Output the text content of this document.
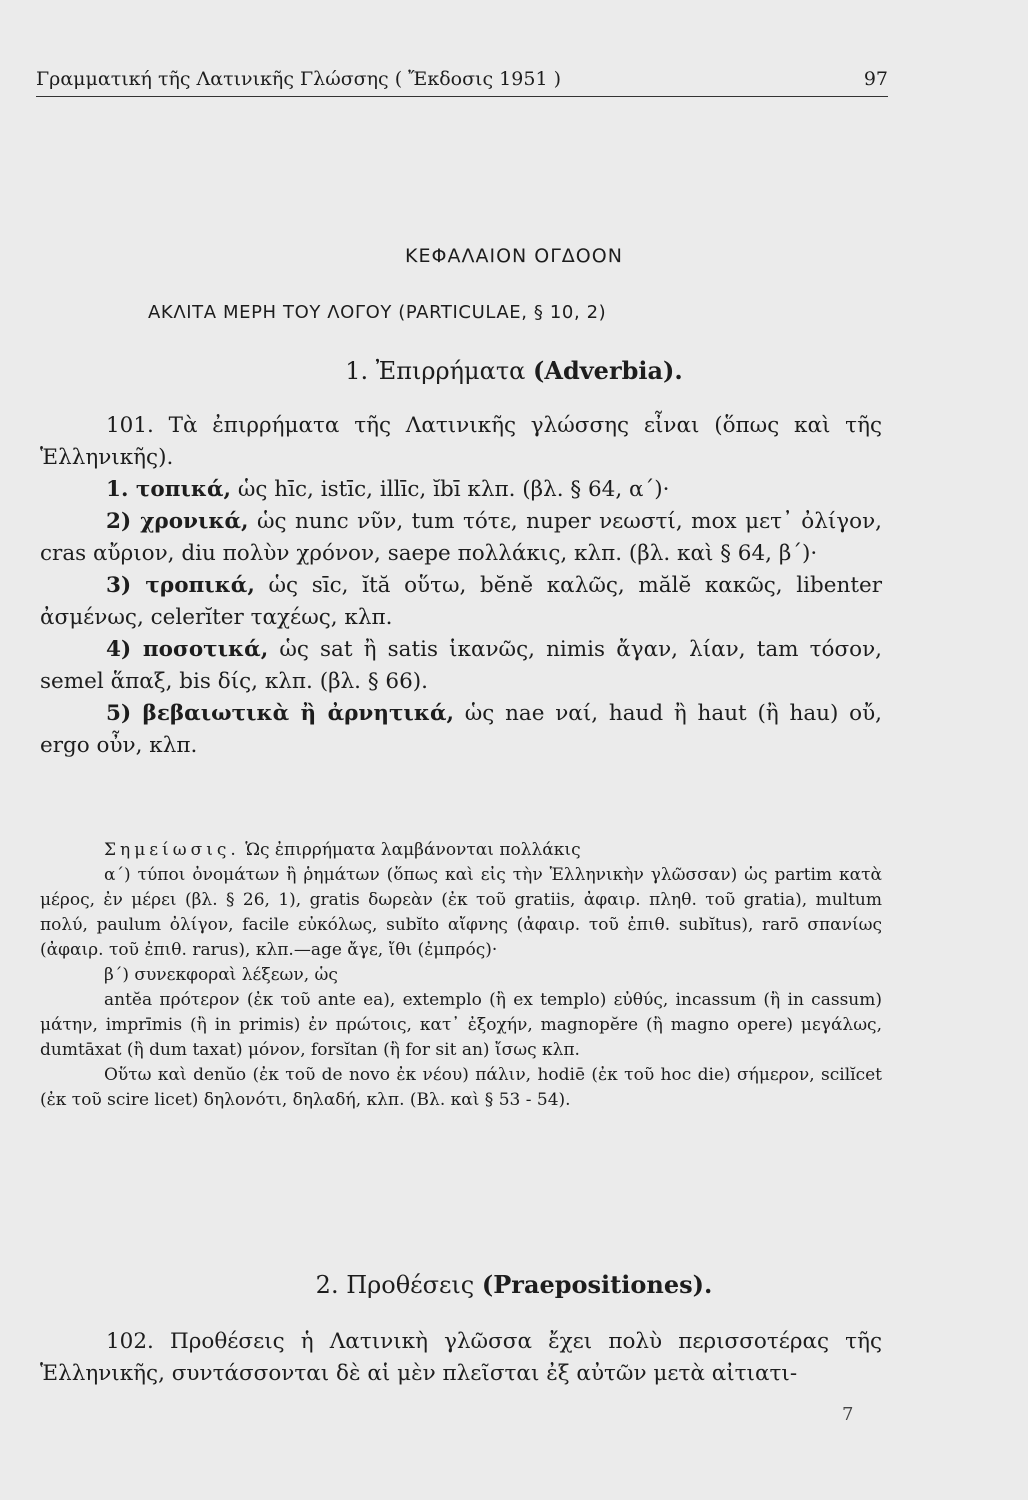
Γραμματική τῆς Λατινικῆς Γλώσσης ( Ἔκδοσις 1951 )	97
ΚΕΦΑΛΑΙΟΝ ΟΓΔΟΟΝ
ΑΚΛΙΤΑ ΜΕΡΗ ΤΟΥ ΛΟΓΟΥ (PARTICULAE, § 10, 2)
1. Ἐπιρρήματα (Adverbia).

101. Τὰ ἐπιρρήματα τῆς Λατινικῆς γλώσσης εἶναι (ὅπως καὶ τῆς Ἑλληνικῆς).

1. τοπικά, ὡς hīc, istīc, illīc, ĭbī κλπ. (βλ. § 64, α΄)·

2) χρονικά, ὡς nunc νῦν, tum τότε, nuper νεωστί, mox μετ᾽ ὀλίγον, cras αὔριον, diu πολὺν χρόνον, saepe πολλάκις, κλπ. (βλ. καὶ § 64, β΄)·

3) τροπικά, ὡς sīc, ĭtă οὕτω, bĕnĕ καλῶς, mălĕ κακῶς, libenter ἀσμένως, celerĭter ταχέως, κλπ.

4) ποσοτικά, ὡς sat ἢ satis ἱκανῶς, nimis ἄγαν, λίαν, tam τόσον, semel ἅπαξ, bis δίς, κλπ. (βλ. § 66).

5) βεβαιωτικὰ ἢ ἀρνητικά, ὡς nae ναί, haud ἢ haut (ἢ hau) οὔ, ergo οὖν, κλπ.

Σημείωσις. Ὡς ἐπιρρήματα λαμβάνονται πολλάκις

α΄) τύποι ὀνομάτων ἢ ῥημάτων (ὅπως καὶ εἰς τὴν Ἑλληνικὴν γλῶσσαν) ὡς partim κατὰ μέρος, ἐν μέρει (βλ. § 26, 1), gratis δωρεὰν (ἐκ τοῦ gratiis, ἀφαιρ. πληθ. τοῦ gratia), multum πολύ, paulum ὀλίγον, facile εὐκόλως, subĭto αἴφνης (ἀφαιρ. τοῦ ἐπιθ. subĭtus), rarō σπανίως (ἀφαιρ. τοῦ ἐπιθ. rarus), κλπ.—age ἄγε, ἴθι (ἐμπρός)·

β΄) συνεκφοραὶ λέξεων, ὡς

antĕa πρότερον (ἐκ τοῦ ante ea), extemplo (ἢ ex templo) εὐθύς, incassum (ἢ in cassum) μάτην, imprīmis (ἢ in primis) ἐν πρώτοις, κατ᾽ ἐξοχήν, magnopĕre (ἢ magno opere) μεγάλως, dumtāxat (ἢ dum taxat) μόνον, forsĭtan (ἢ for sit an) ἴσως κλπ.

Οὕτω καὶ denŭo (ἐκ τοῦ de novo ἐκ νέου) πάλιν, hodiē (ἐκ τοῦ hoc die) σήμερον, scilĭcet (ἐκ τοῦ scire licet) δηλονότι, δηλαδή, κλπ. (Βλ. καὶ § 53 - 54).

2. Προθέσεις (Praepositiones).

102. Προθέσεις ἡ Λατινικὴ γλῶσσα ἔχει πολὺ περισσοτέρας τῆς Ἑλληνικῆς, συντάσσονται δὲ αἱ μὲν πλεῖσται ἐξ αὐτῶν μετὰ αἰτιατι-

7
